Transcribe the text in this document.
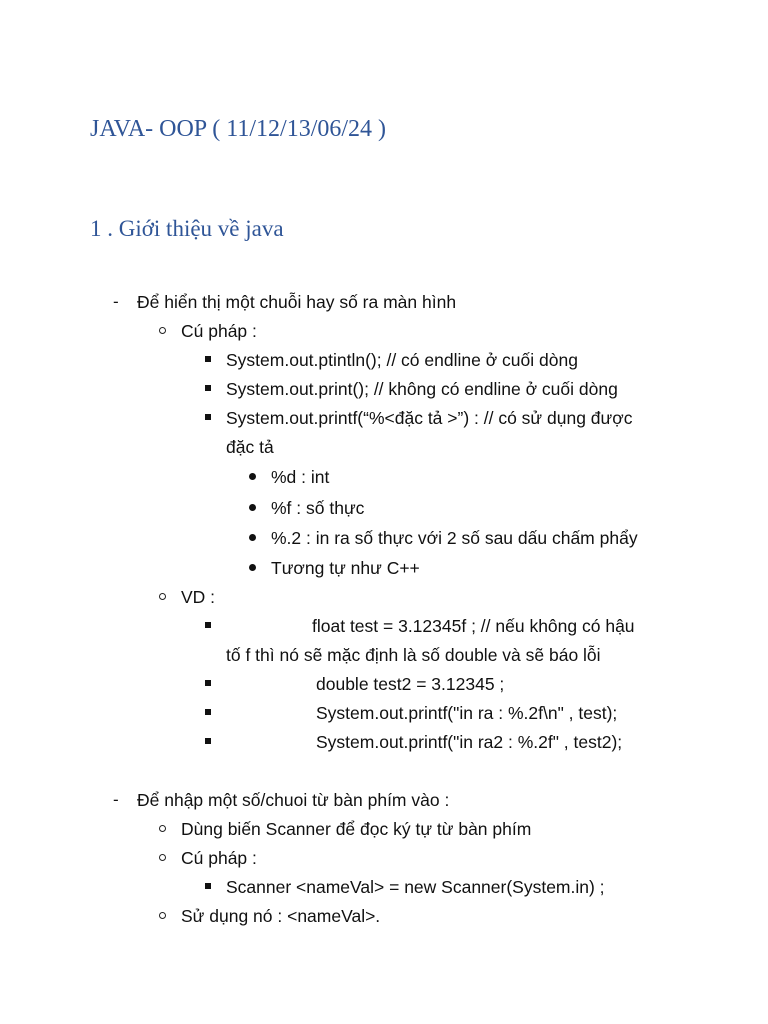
JAVA- OOP ( 11/12/13/06/24 )
1 . Giới thiệu về java
- Để hiển thị một chuỗi hay số ra màn hình
Cú pháp :
System.out.ptintln(); // có endline ở cuối dòng
System.out.print(); // không có endline ở cuối dòng
System.out.printf(“%<đặc tả >”) : // có sử dụng được
đặc tả
%d : int
%f : số thực
%.2 : in ra số thực với 2 số sau dấu chấm phẩy
Tương tự như C++
VD :
float test = 3.12345f ; // nếu không có hậu
tố f thì nó sẽ mặc định là số double và sẽ báo lỗi
double test2 = 3.12345 ;
System.out.printf("in ra : %.2f\n" , test);
System.out.printf("in ra2 : %.2f" , test2);
- Để nhập một số/chuoi từ bàn phím vào :
Dùng biến Scanner để đọc ký tự từ bàn phím
Cú pháp :
Scanner <nameVal> = new Scanner(System.in) ;
Sử dụng nó : <nameVal>.
